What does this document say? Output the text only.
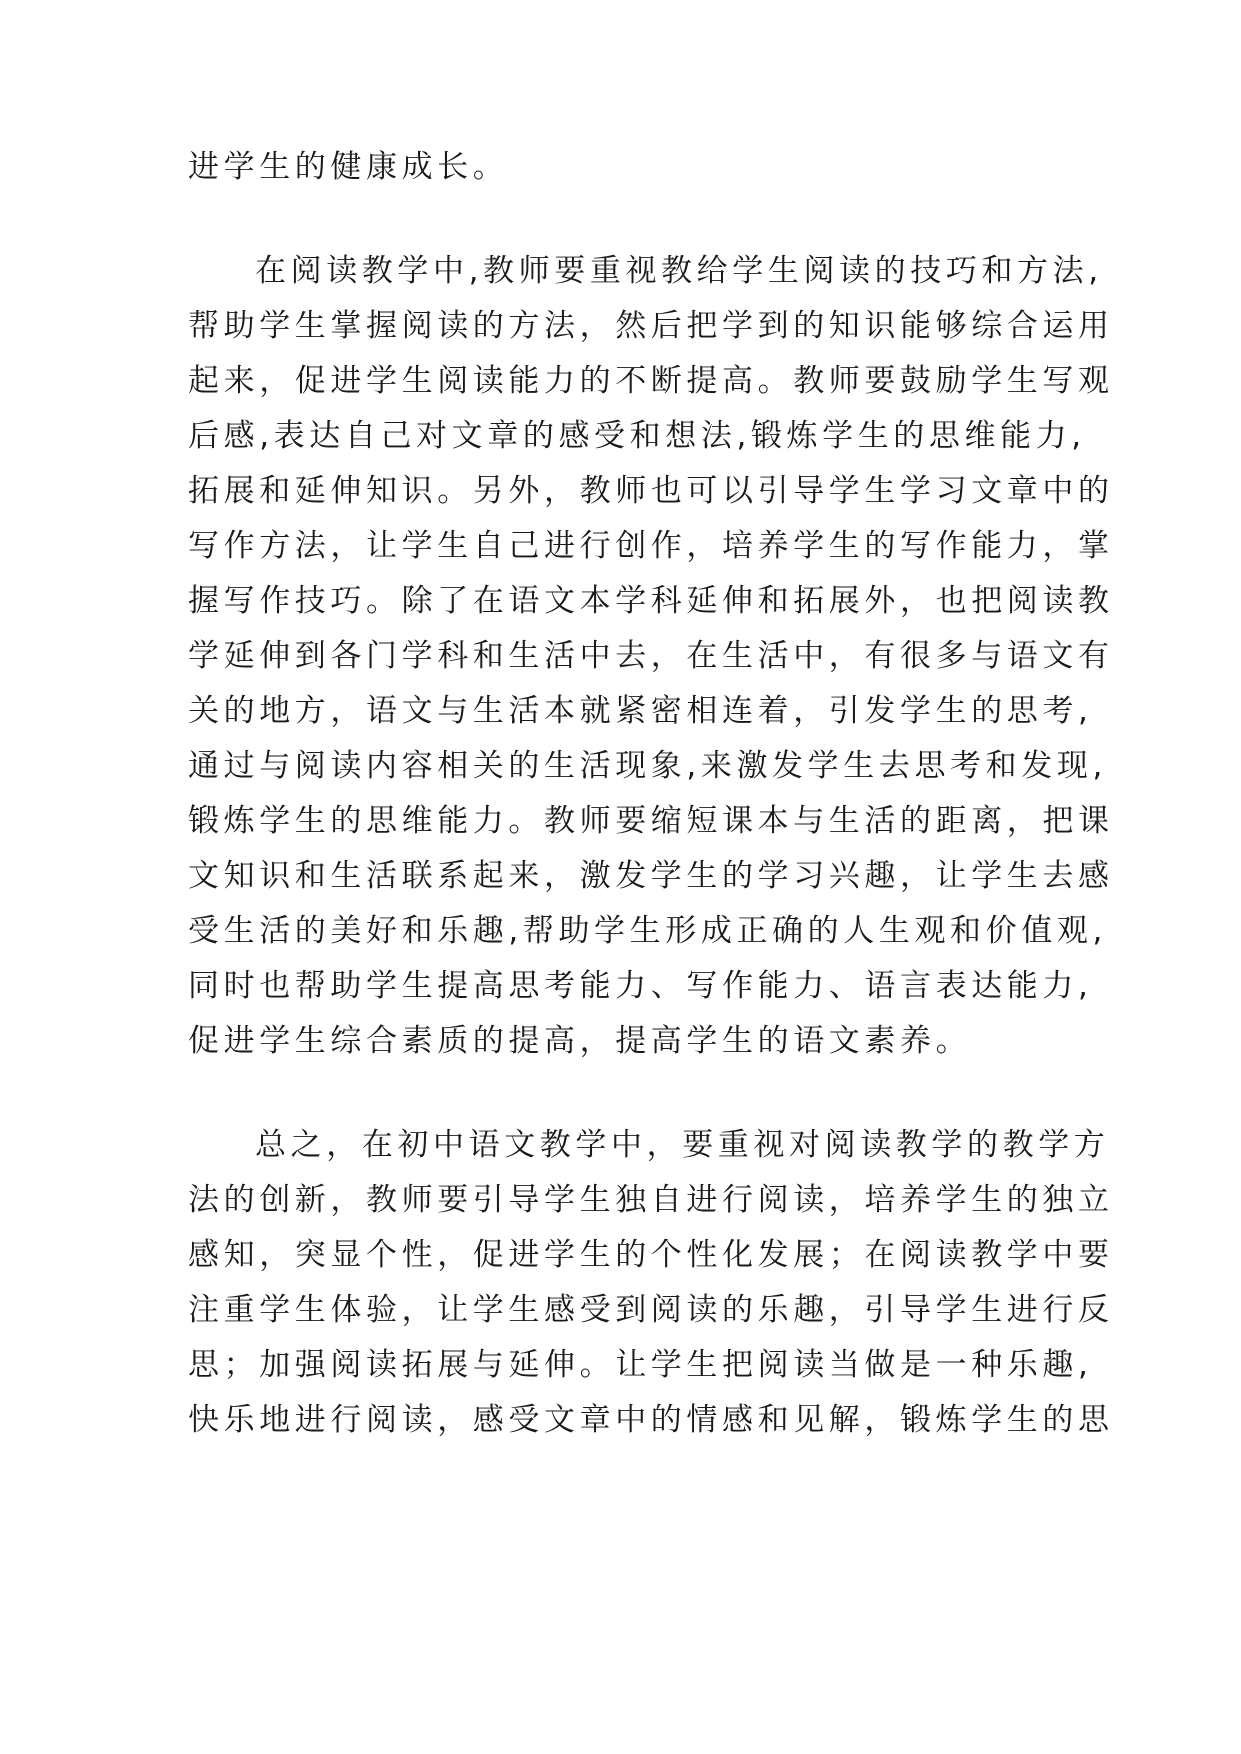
进学生的健康成长。
在阅读教学中,教师要重视教给学生阅读的技巧和方法,
帮助学生掌握阅读的方法，然后把学到的知识能够综合运用
起来，促进学生阅读能力的不断提高。教师要鼓励学生写观
后感,表达自己对文章的感受和想法,锻炼学生的思维能力,
拓展和延伸知识。另外，教师也可以引导学生学习文章中的
写作方法，让学生自己进行创作，培养学生的写作能力，掌
握写作技巧。除了在语文本学科延伸和拓展外，也把阅读教
学延伸到各门学科和生活中去，在生活中，有很多与语文有
关的地方，语文与生活本就紧密相连着，引发学生的思考,
通过与阅读内容相关的生活现象,来激发学生去思考和发现,
锻炼学生的思维能力。教师要缩短课本与生活的距离，把课
文知识和生活联系起来，激发学生的学习兴趣，让学生去感
受生活的美好和乐趣,帮助学生形成正确的人生观和价值观,
同时也帮助学生提高思考能力、写作能力、语言表达能力,
促进学生综合素质的提高，提高学生的语文素养。
总之，在初中语文教学中，要重视对阅读教学的教学方
法的创新，教师要引导学生独自进行阅读，培养学生的独立
感知，突显个性，促进学生的个性化发展；在阅读教学中要
注重学生体验，让学生感受到阅读的乐趣，引导学生进行反
思；加强阅读拓展与延伸。让学生把阅读当做是一种乐趣,
快乐地进行阅读，感受文章中的情感和见解，锻炼学生的思
